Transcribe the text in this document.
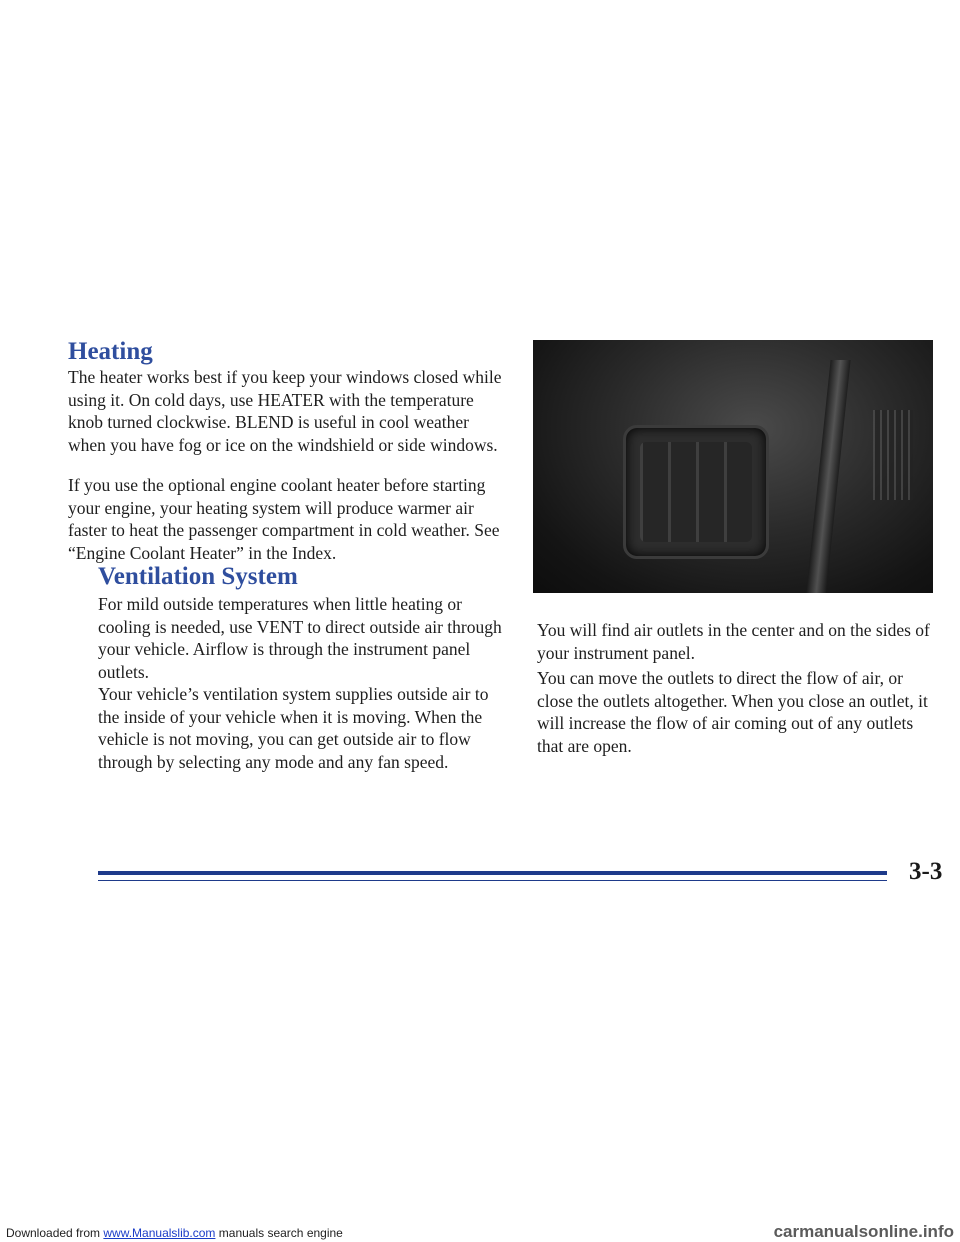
Heating

The heater works best if you keep your windows closed while using it. On cold days, use HEATER with the temperature knob turned clockwise. BLEND is useful in cool weather when you have fog or ice on the windshield or side windows.

If you use the optional engine coolant heater before starting your engine, your heating system will produce warmer air faster to heat the passenger compartment in cold weather. See “Engine Coolant Heater” in the Index.

Ventilation System

For mild outside temperatures when little heating or cooling is needed, use VENT to direct outside air through your vehicle. Airflow is through the instrument panel outlets.

Your vehicle’s ventilation system supplies outside air to the inside of your vehicle when it is moving. When the vehicle is not moving, you can get outside air to flow through by selecting any mode and any fan speed.

You will find air outlets in the center and on the sides of your instrument panel.

You can move the outlets to direct the flow of air, or close the outlets altogether. When you close an outlet, it will increase the flow of air coming out of any outlets that are open.

3-3
Downloaded from www.Manualslib.com manuals search engine	carmanualsonline.info
